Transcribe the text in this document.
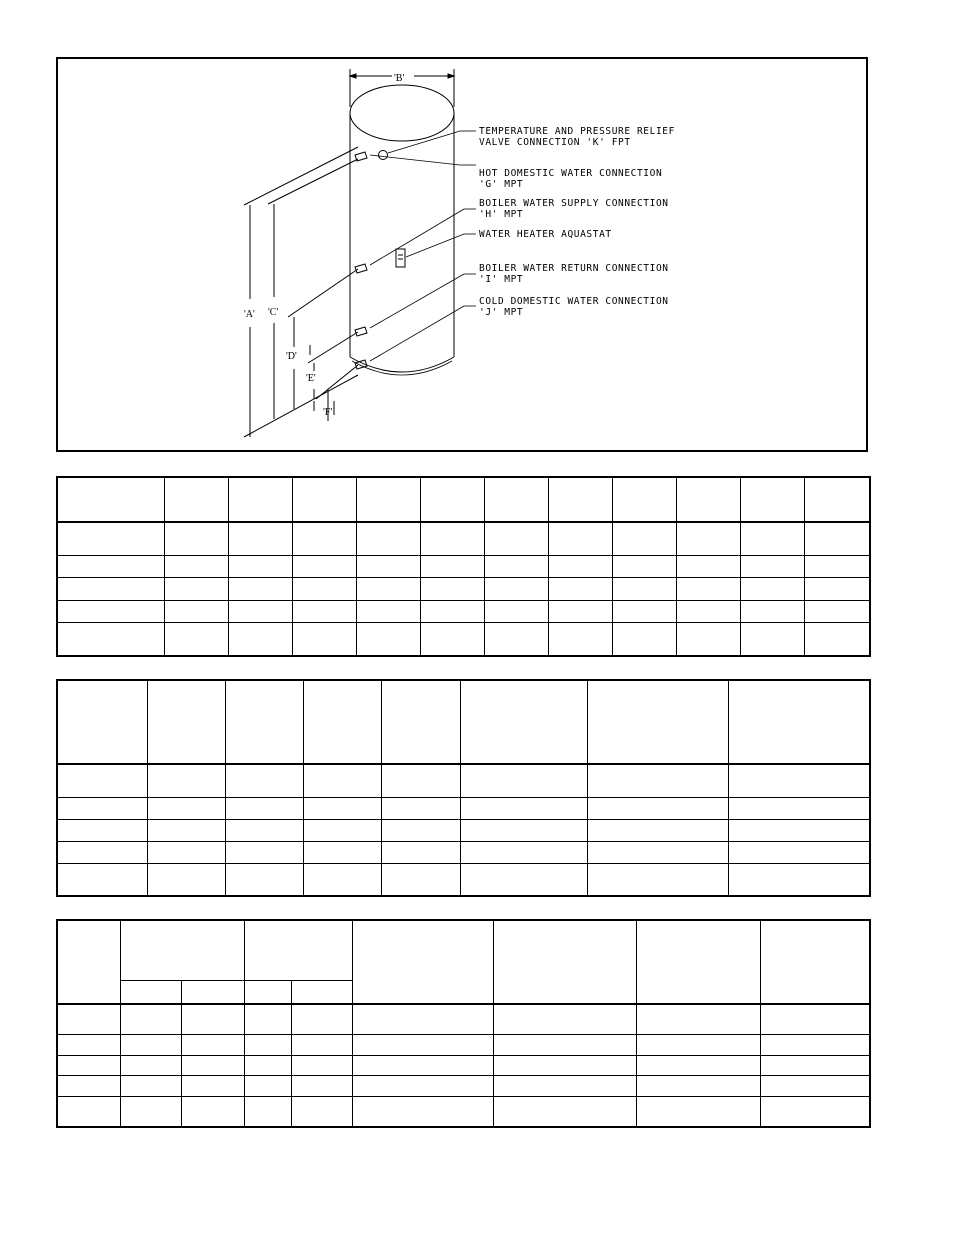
'B'
'A' 'C'
'D'
'E'
'F'
TEMPERATURE AND PRESSURE RELIEF
VALVE CONNECTION 'K' FPT
HOT DOMESTIC WATER CONNECTION
'G' MPT
BOILER WATER SUPPLY CONNECTION
'H' MPT
WATER HEATER AQUASTAT
BOILER WATER RETURN CONNECTION
'I' MPT
COLD DOMESTIC WATER CONNECTION
'J' MPT
